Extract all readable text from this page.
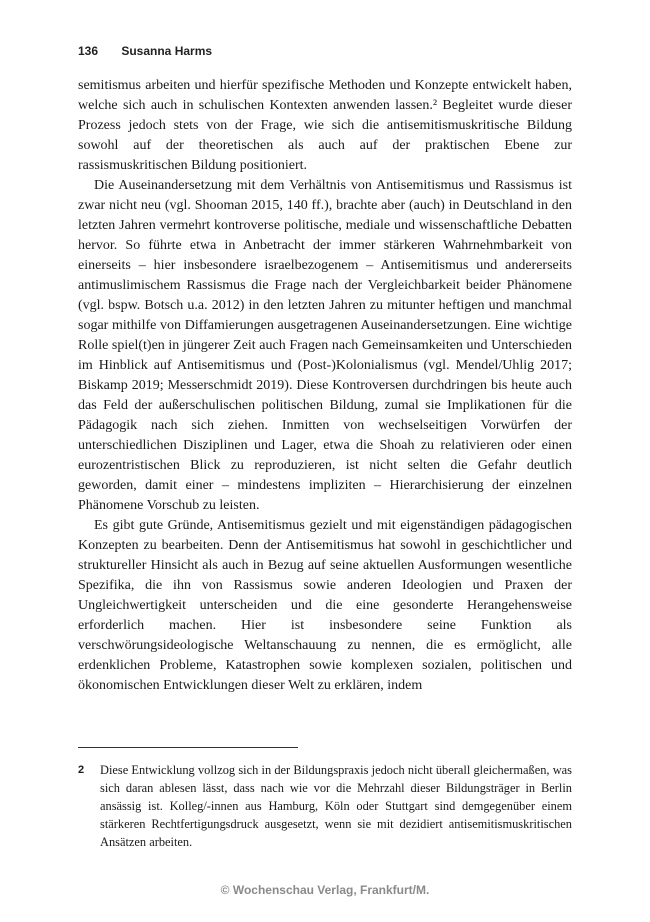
136 Susanna Harms

semitismus arbeiten und hierfür spezifische Methoden und Konzepte entwickelt haben, welche sich auch in schulischen Kontexten anwenden lassen.² Begleitet wurde dieser Prozess jedoch stets von der Frage, wie sich die antisemitismuskritische Bildung sowohl auf der theoretischen als auch auf der praktischen Ebene zur rassismuskritischen Bildung positioniert.

Die Auseinandersetzung mit dem Verhältnis von Antisemitismus und Rassismus ist zwar nicht neu (vgl. Shooman 2015, 140 ff.), brachte aber (auch) in Deutschland in den letzten Jahren vermehrt kontroverse politische, mediale und wissenschaftliche Debatten hervor. So führte etwa in Anbetracht der immer stärkeren Wahrnehmbarkeit von einerseits – hier insbesondere israelbezogenem – Antisemitismus und andererseits antimuslimischem Rassismus die Frage nach der Vergleichbarkeit beider Phänomene (vgl. bspw. Botsch u.a. 2012) in den letzten Jahren zu mitunter heftigen und manchmal sogar mithilfe von Diffamierungen ausgetragenen Auseinandersetzungen. Eine wichtige Rolle spiel(t)en in jüngerer Zeit auch Fragen nach Gemeinsamkeiten und Unterschieden im Hinblick auf Antisemitismus und (Post-)Kolonialismus (vgl. Mendel/Uhlig 2017; Biskamp 2019; Messerschmidt 2019). Diese Kontroversen durchdringen bis heute auch das Feld der außerschulischen politischen Bildung, zumal sie Implikationen für die Pädagogik nach sich ziehen. Inmitten von wechselseitigen Vorwürfen der unterschiedlichen Disziplinen und Lager, etwa die Shoah zu relativieren oder einen eurozentristischen Blick zu reproduzieren, ist nicht selten die Gefahr deutlich geworden, damit einer – mindestens impliziten – Hierarchisierung der einzelnen Phänomene Vorschub zu leisten.

Es gibt gute Gründe, Antisemitismus gezielt und mit eigenständigen pädagogischen Konzepten zu bearbeiten. Denn der Antisemitismus hat sowohl in geschichtlicher und struktureller Hinsicht als auch in Bezug auf seine aktuellen Ausformungen wesentliche Spezifika, die ihn von Rassismus sowie anderen Ideologien und Praxen der Ungleichwertigkeit unterscheiden und die eine gesonderte Herangehensweise erforderlich machen. Hier ist insbesondere seine Funktion als verschwörungsideologische Weltanschauung zu nennen, die es ermöglicht, alle erdenklichen Probleme, Katastrophen sowie komplexen sozialen, politischen und ökonomischen Entwicklungen dieser Welt zu erklären, indem

2 Diese Entwicklung vollzog sich in der Bildungspraxis jedoch nicht überall gleichermaßen, was sich daran ablesen lässt, dass nach wie vor die Mehrzahl dieser Bildungsträger in Berlin ansässig ist. Kolleg/-innen aus Hamburg, Köln oder Stuttgart sind demgegenüber einem stärkeren Rechtfertigungsdruck ausgesetzt, wenn sie mit dezidiert antisemitismuskritischen Ansätzen arbeiten.
© Wochenschau Verlag, Frankfurt/M.
